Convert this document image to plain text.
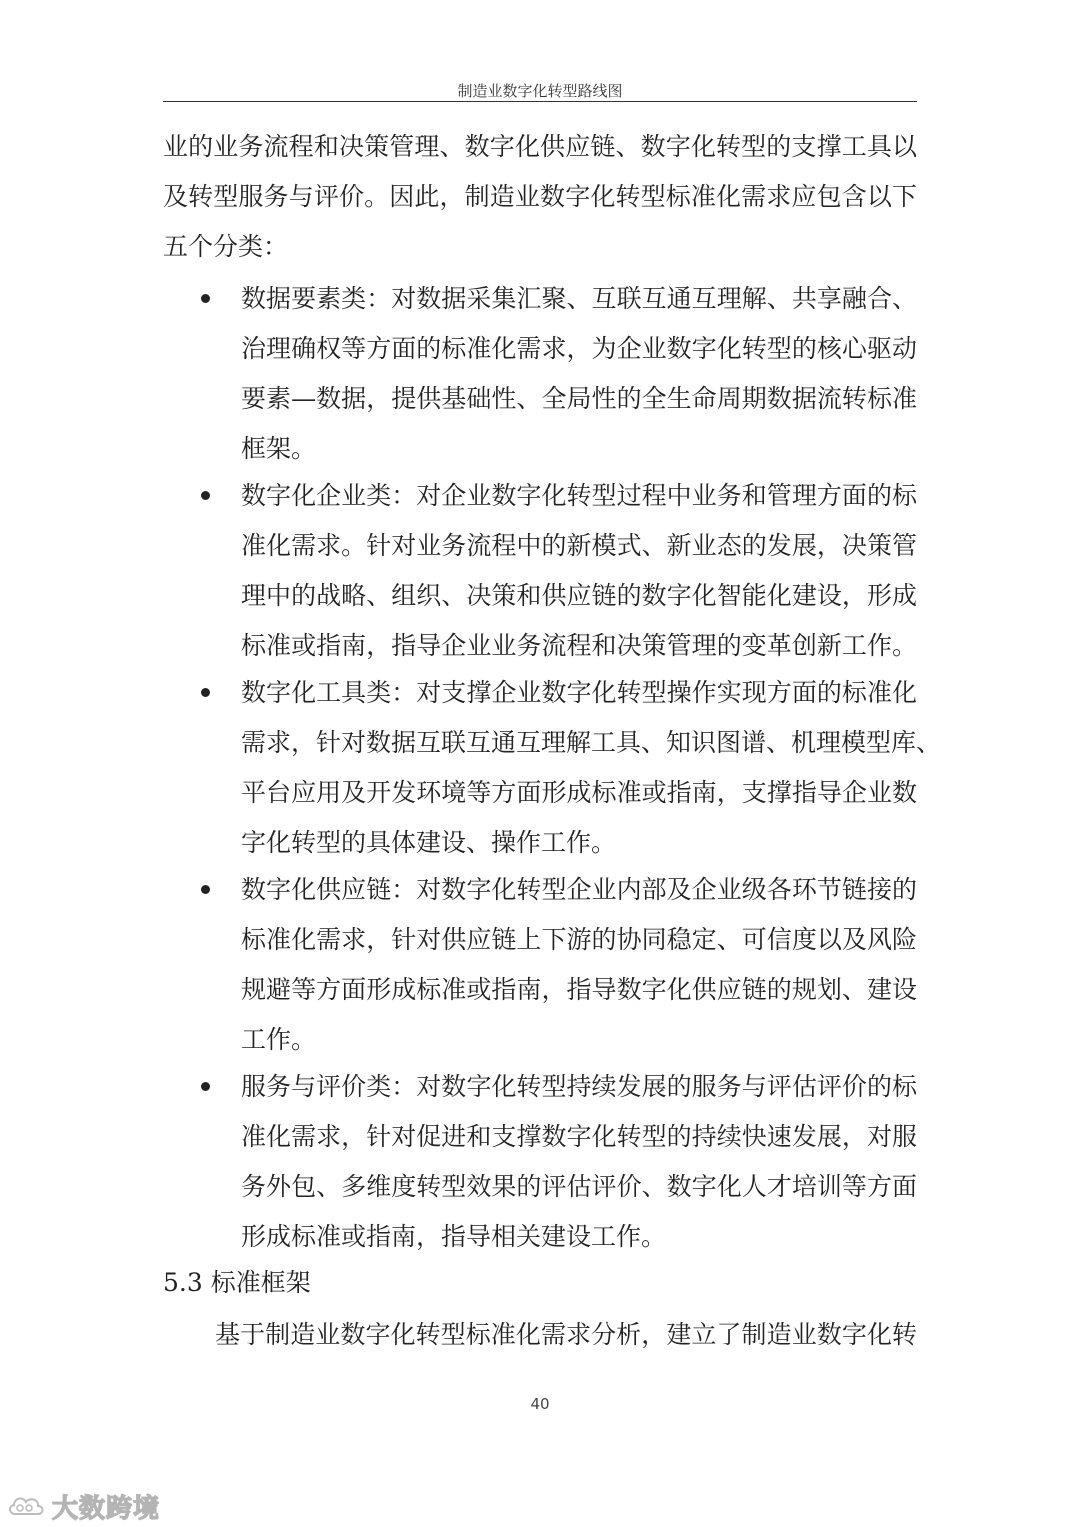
制造业数字化转型路线图
业的业务流程和决策管理、数字化供应链、数字化转型的支撑工具以
及转型服务与评价。因此，制造业数字化转型标准化需求应包含以下
五个分类：
数据要素类：对数据采集汇聚、互联互通互理解、共享融合、
治理确权等方面的标准化需求，为企业数字化转型的核心驱动
要素—数据，提供基础性、全局性的全生命周期数据流转标准
框架。
数字化企业类：对企业数字化转型过程中业务和管理方面的标
准化需求。针对业务流程中的新模式、新业态的发展，决策管
理中的战略、组织、决策和供应链的数字化智能化建设，形成
标准或指南，指导企业业务流程和决策管理的变革创新工作。
数字化工具类：对支撑企业数字化转型操作实现方面的标准化
需求，针对数据互联互通互理解工具、知识图谱、机理模型库、
平台应用及开发环境等方面形成标准或指南，支撑指导企业数
字化转型的具体建设、操作工作。
数字化供应链：对数字化转型企业内部及企业级各环节链接的
标准化需求，针对供应链上下游的协同稳定、可信度以及风险
规避等方面形成标准或指南，指导数字化供应链的规划、建设
工作。
服务与评价类：对数字化转型持续发展的服务与评估评价的标
准化需求，针对促进和支撑数字化转型的持续快速发展，对服
务外包、多维度转型效果的评估评价、数字化人才培训等方面
形成标准或指南，指导相关建设工作。
5.3 标准框架
基于制造业数字化转型标准化需求分析，建立了制造业数字化转
40
大数跨境
